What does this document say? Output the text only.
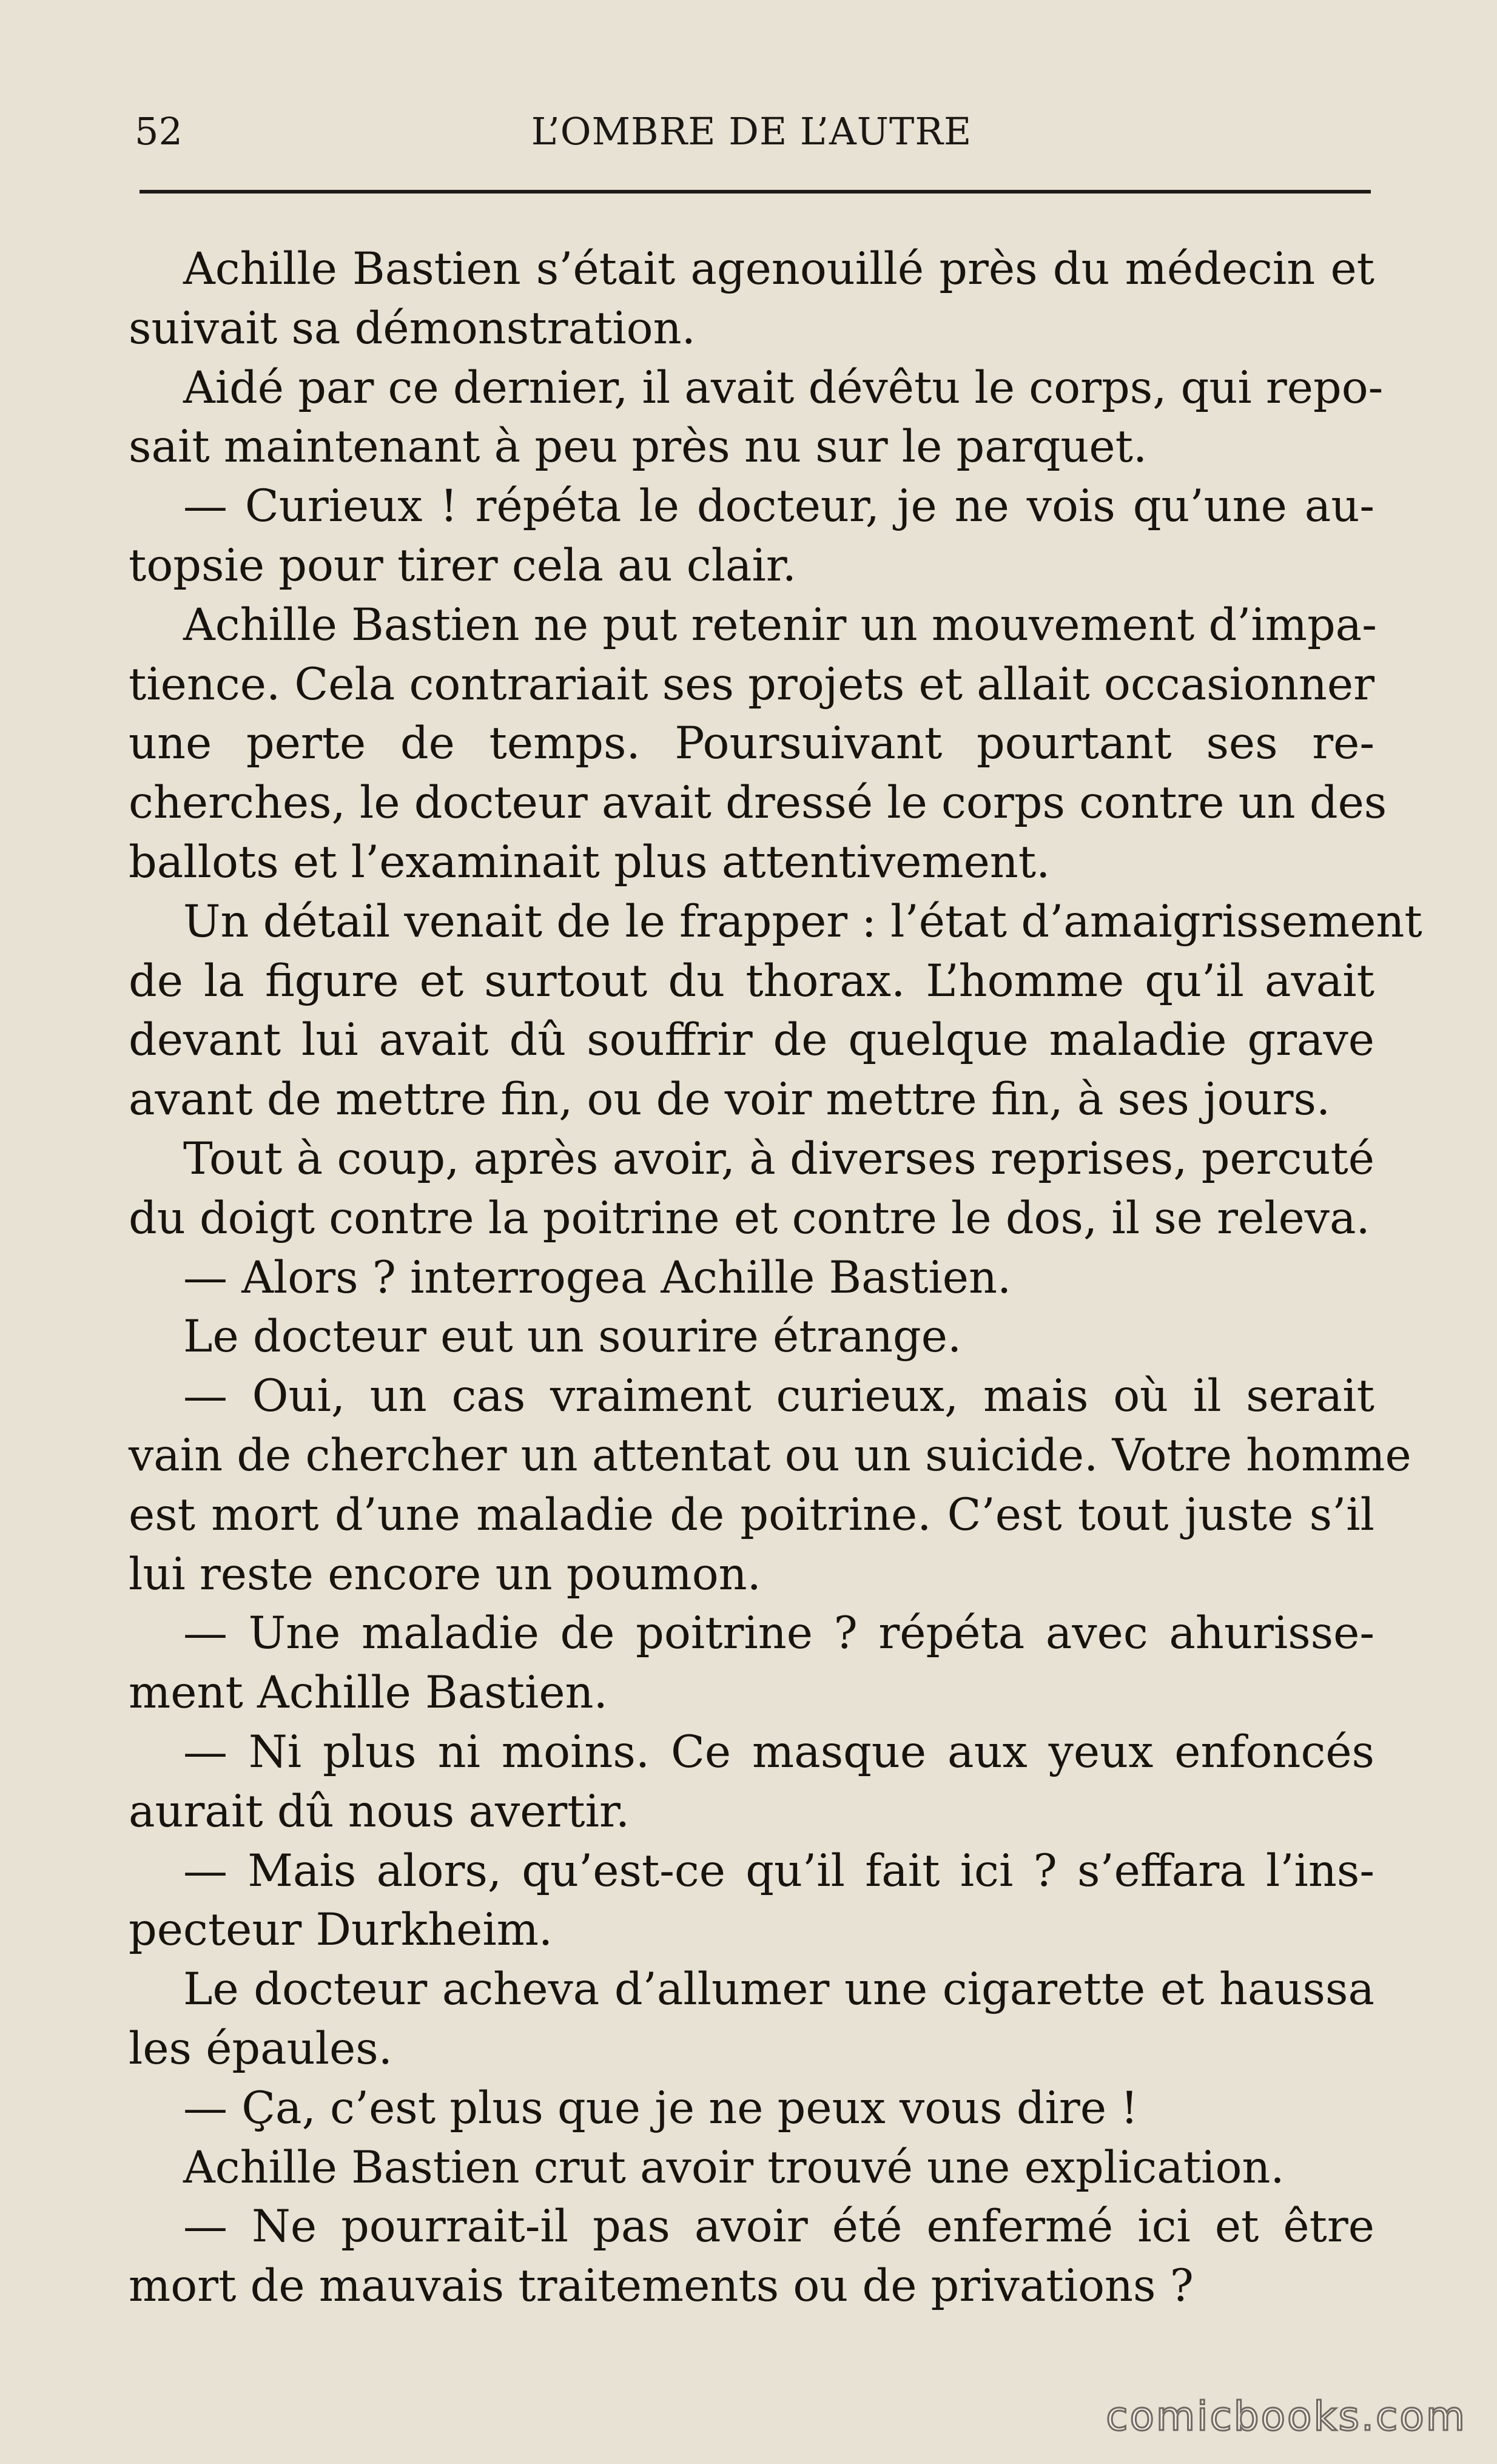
52	L’OMBRE DE L’AUTRE
Achille Bastien s’était agenouillé près du médecin et
suivait sa démonstration.
Aidé par ce dernier, il avait dévêtu le corps, qui repo-
sait maintenant à peu près nu sur le parquet.
— Curieux ! répéta le docteur, je ne vois qu’une au-
topsie pour tirer cela au clair.
Achille Bastien ne put retenir un mouvement d’impa-
tience. Cela contrariait ses projets et allait occasionner
une perte de temps. Poursuivant pourtant ses re-
cherches, le docteur avait dressé le corps contre un des
ballots et l’examinait plus attentivement.
Un détail venait de le frapper : l’état d’amaigrissement
de la figure et surtout du thorax. L’homme qu’il avait
devant lui avait dû souffrir de quelque maladie grave
avant de mettre fin, ou de voir mettre fin, à ses jours.
Tout à coup, après avoir, à diverses reprises, percuté
du doigt contre la poitrine et contre le dos, il se releva.
— Alors ? interrogea Achille Bastien.
Le docteur eut un sourire étrange.
— Oui, un cas vraiment curieux, mais où il serait
vain de chercher un attentat ou un suicide. Votre homme
est mort d’une maladie de poitrine. C’est tout juste s’il
lui reste encore un poumon.
— Une maladie de poitrine ? répéta avec ahurisse-
ment Achille Bastien.
— Ni plus ni moins. Ce masque aux yeux enfoncés
aurait dû nous avertir.
— Mais alors, qu’est-ce qu’il fait ici ? s’effara l’ins-
pecteur Durkheim.
Le docteur acheva d’allumer une cigarette et haussa
les épaules.
— Ça, c’est plus que je ne peux vous dire !
Achille Bastien crut avoir trouvé une explication.
— Ne pourrait-il pas avoir été enfermé ici et être
mort de mauvais traitements ou de privations ?
comicbooks.com
